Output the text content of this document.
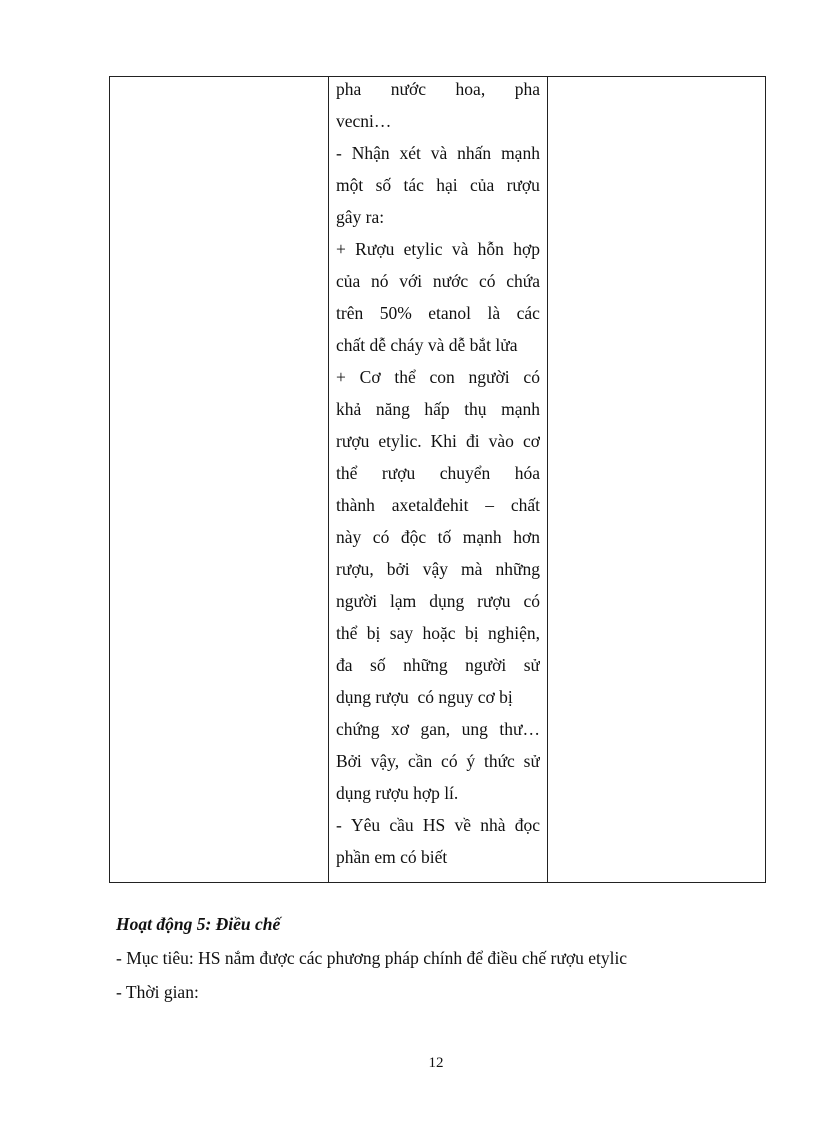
pha nước hoa, pha
vecni…
- Nhận xét và nhấn mạnh
một số tác hại của rượu
gây ra:
+ Rượu etylic và hỗn hợp
của nó với nước có chứa
trên 50% etanol là các
chất dễ cháy và dễ bắt lửa
+ Cơ thể con người có
khả năng hấp thụ mạnh
rượu etylic. Khi đi vào cơ
thể rượu chuyển hóa
thành axetalđehit – chất
này có độc tố mạnh hơn
rượu, bởi vậy mà những
người lạm dụng rượu có
thể bị say hoặc bị nghiện,
đa số những người sử
dụng rượu  có nguy cơ bị
chứng xơ gan, ung thư…
Bởi vậy, cần có ý thức sử
dụng rượu hợp lí.
- Yêu cầu HS về nhà đọc
phần em có biết
Hoạt động 5: Điều chế
- Mục tiêu: HS nắm được các phương pháp chính để điều chế rượu etylic
- Thời gian:
12
